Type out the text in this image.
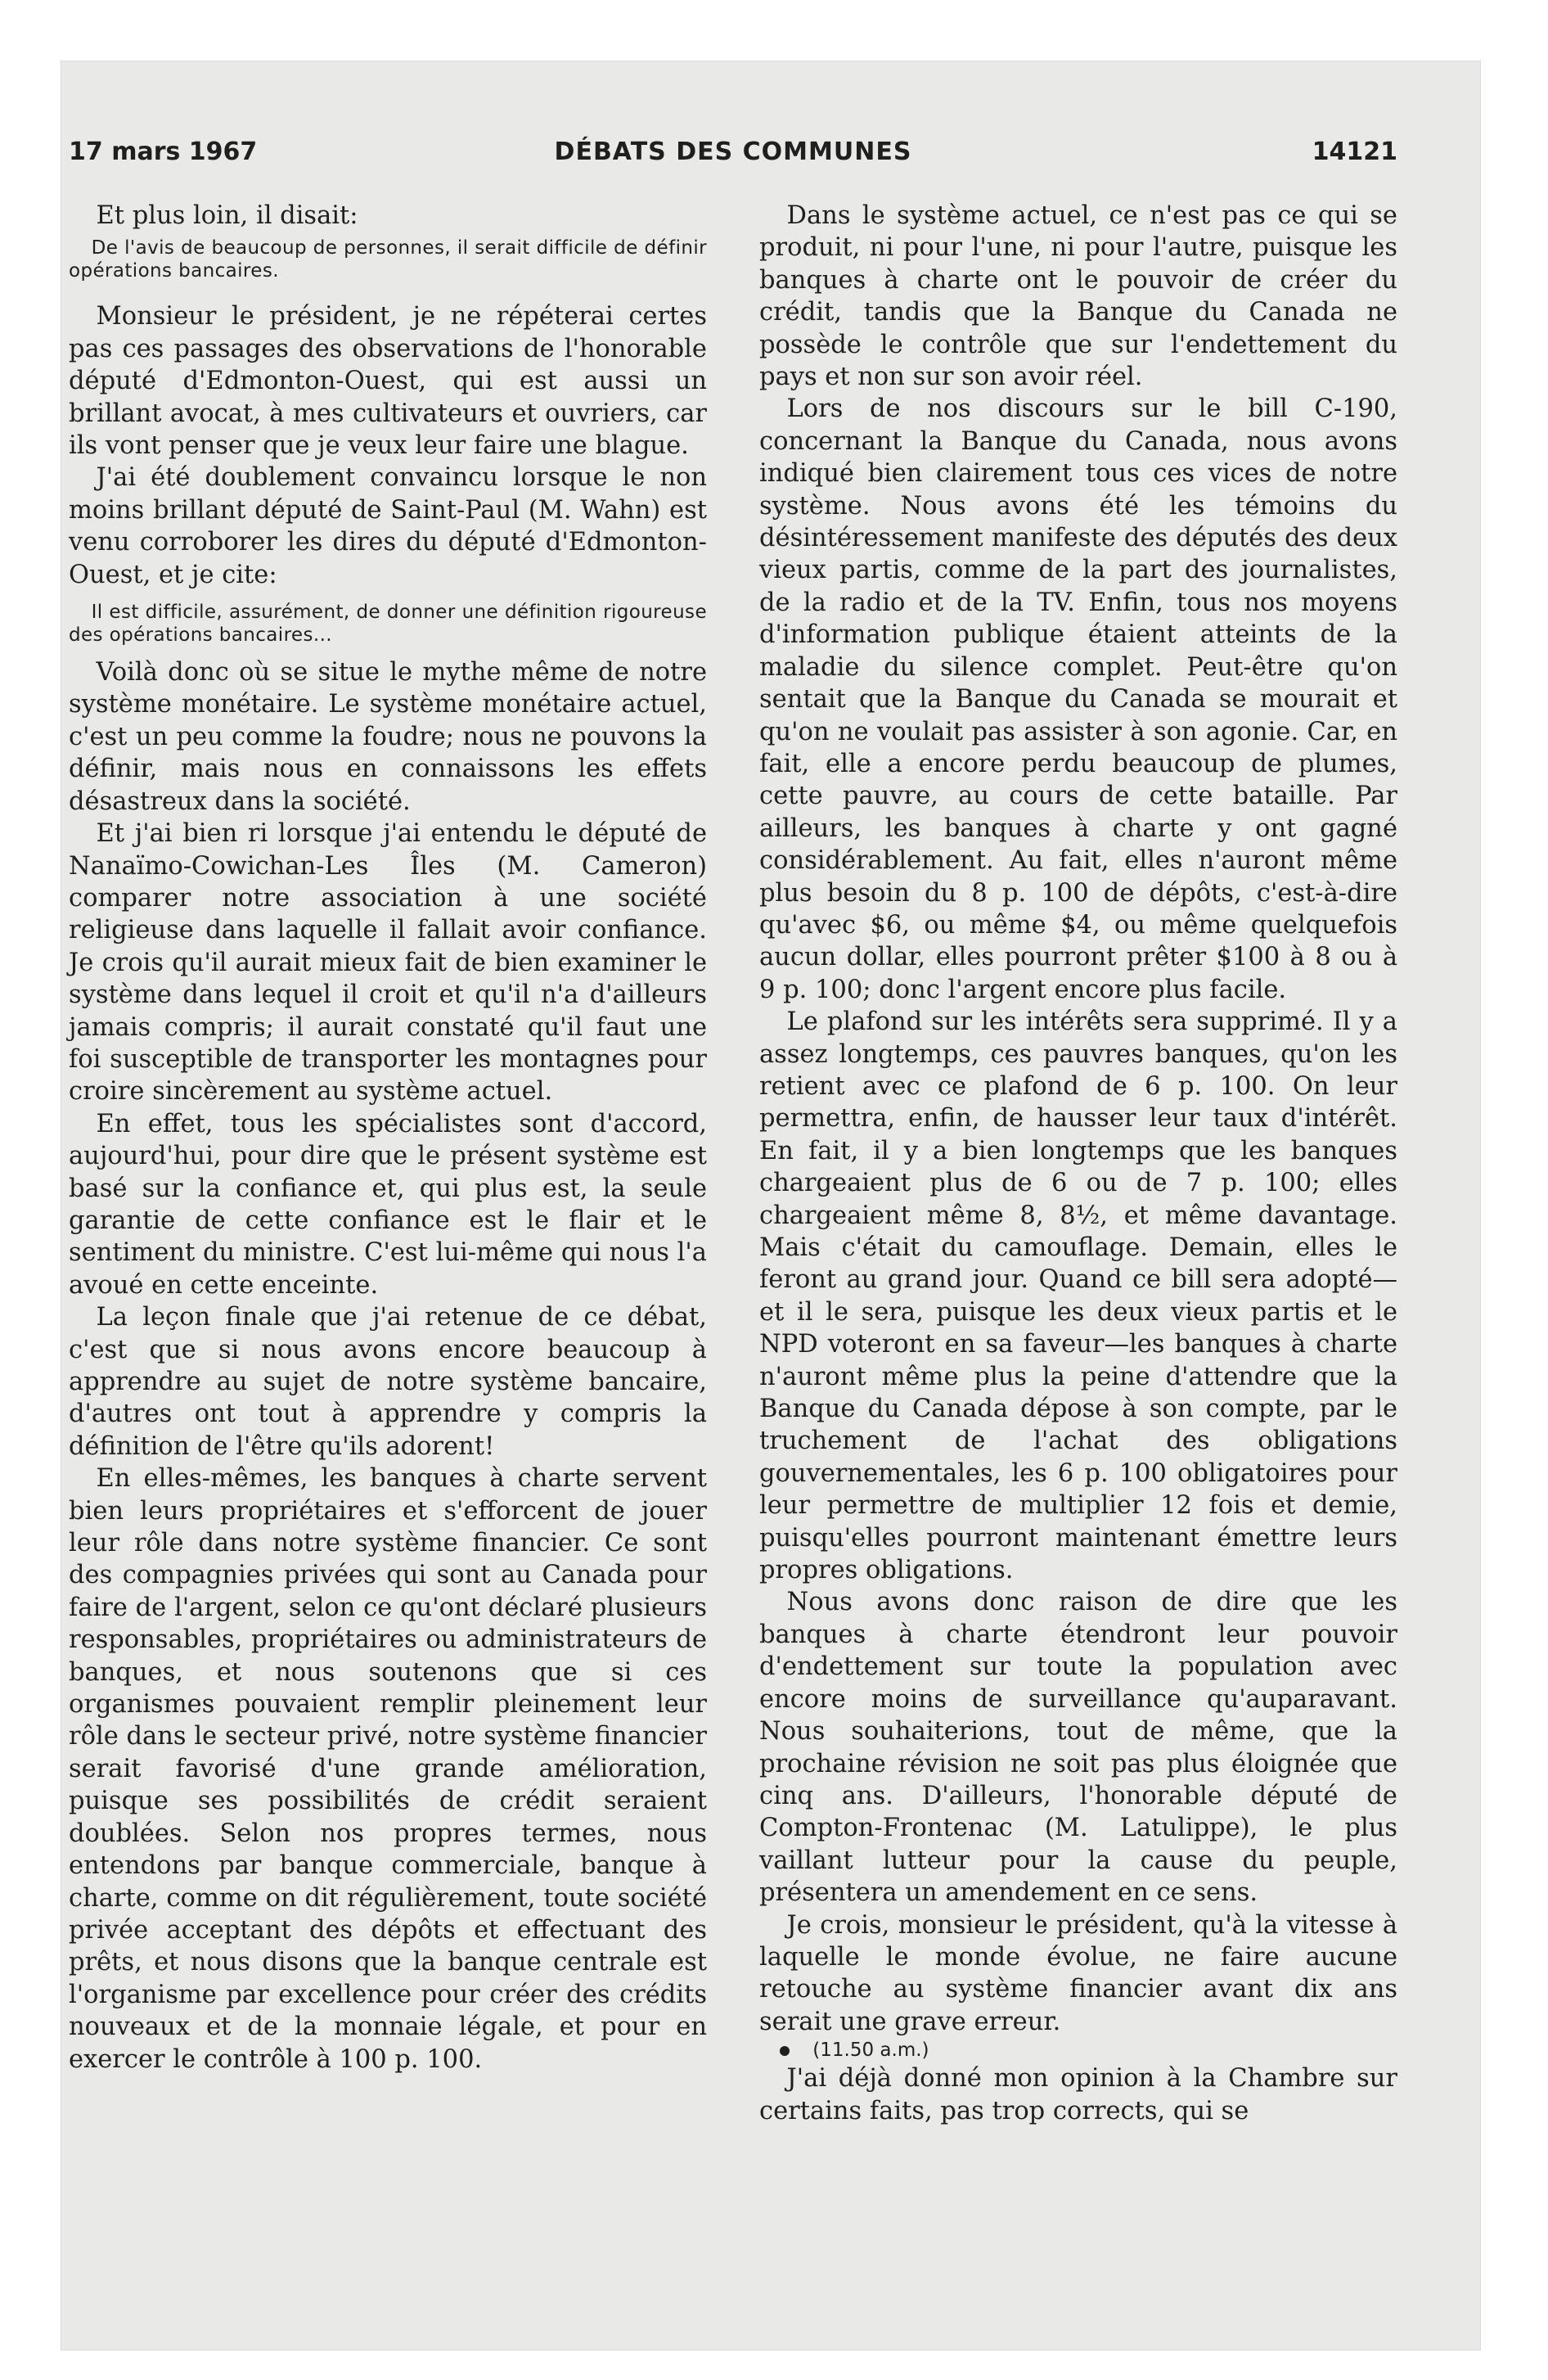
17 mars 1967	DÉBATS DES COMMUNES	14121

Et plus loin, il disait:

De l'avis de beaucoup de personnes, il serait difficile de définir opérations bancaires.

Monsieur le président, je ne répéterai certes pas ces passages des observations de l'honorable député d'Edmonton-Ouest, qui est aussi un brillant avocat, à mes cultivateurs et ouvriers, car ils vont penser que je veux leur faire une blague.

J'ai été doublement convaincu lorsque le non moins brillant député de Saint-Paul (M. Wahn) est venu corroborer les dires du député d'Edmonton-Ouest, et je cite:

Il est difficile, assurément, de donner une définition rigoureuse des opérations bancaires...

Voilà donc où se situe le mythe même de notre système monétaire. Le système monétaire actuel, c'est un peu comme la foudre; nous ne pouvons la définir, mais nous en connaissons les effets désastreux dans la société.

Et j'ai bien ri lorsque j'ai entendu le député de Nanaïmo-Cowichan-Les Îles (M. Cameron) comparer notre association à une société religieuse dans laquelle il fallait avoir confiance. Je crois qu'il aurait mieux fait de bien examiner le système dans lequel il croit et qu'il n'a d'ailleurs jamais compris; il aurait constaté qu'il faut une foi susceptible de transporter les montagnes pour croire sincèrement au système actuel.

En effet, tous les spécialistes sont d'accord, aujourd'hui, pour dire que le présent système est basé sur la confiance et, qui plus est, la seule garantie de cette confiance est le flair et le sentiment du ministre. C'est lui-même qui nous l'a avoué en cette enceinte.

La leçon finale que j'ai retenue de ce débat, c'est que si nous avons encore beaucoup à apprendre au sujet de notre système bancaire, d'autres ont tout à apprendre y compris la définition de l'être qu'ils adorent!

En elles-mêmes, les banques à charte servent bien leurs propriétaires et s'efforcent de jouer leur rôle dans notre système financier. Ce sont des compagnies privées qui sont au Canada pour faire de l'argent, selon ce qu'ont déclaré plusieurs responsables, propriétaires ou administrateurs de banques, et nous soutenons que si ces organismes pouvaient remplir pleinement leur rôle dans le secteur privé, notre système financier serait favorisé d'une grande amélioration, puisque ses possibilités de crédit seraient doublées. Selon nos propres termes, nous entendons par banque commerciale, banque à charte, comme on dit régulièrement, toute société privée acceptant des dépôts et effectuant des prêts, et nous disons que la banque centrale est l'organisme par excellence pour créer des crédits nouveaux et de la monnaie légale, et pour en exercer le contrôle à 100 p. 100.

Dans le système actuel, ce n'est pas ce qui se produit, ni pour l'une, ni pour l'autre, puisque les banques à charte ont le pouvoir de créer du crédit, tandis que la Banque du Canada ne possède le contrôle que sur l'endettement du pays et non sur son avoir réel.

Lors de nos discours sur le bill C-190, concernant la Banque du Canada, nous avons indiqué bien clairement tous ces vices de notre système. Nous avons été les témoins du désintéressement manifeste des députés des deux vieux partis, comme de la part des journalistes, de la radio et de la TV. Enfin, tous nos moyens d'information publique étaient atteints de la maladie du silence complet. Peut-être qu'on sentait que la Banque du Canada se mourait et qu'on ne voulait pas assister à son agonie. Car, en fait, elle a encore perdu beaucoup de plumes, cette pauvre, au cours de cette bataille. Par ailleurs, les banques à charte y ont gagné considérablement. Au fait, elles n'auront même plus besoin du 8 p. 100 de dépôts, c'est-à-dire qu'avec $6, ou même $4, ou même quelquefois aucun dollar, elles pourront prêter $100 à 8 ou à 9 p. 100; donc l'argent encore plus facile.

Le plafond sur les intérêts sera supprimé. Il y a assez longtemps, ces pauvres banques, qu'on les retient avec ce plafond de 6 p. 100. On leur permettra, enfin, de hausser leur taux d'intérêt. En fait, il y a bien longtemps que les banques chargeaient plus de 6 ou de 7 p. 100; elles chargeaient même 8, 8½, et même davantage. Mais c'était du camouflage. Demain, elles le feront au grand jour. Quand ce bill sera adopté—et il le sera, puisque les deux vieux partis et le NPD voteront en sa faveur—les banques à charte n'auront même plus la peine d'attendre que la Banque du Canada dépose à son compte, par le truchement de l'achat des obligations gouvernementales, les 6 p. 100 obligatoires pour leur permettre de multiplier 12 fois et demie, puisqu'elles pourront maintenant émettre leurs propres obligations.

Nous avons donc raison de dire que les banques à charte étendront leur pouvoir d'endettement sur toute la population avec encore moins de surveillance qu'auparavant. Nous souhaiterions, tout de même, que la prochaine révision ne soit pas plus éloignée que cinq ans. D'ailleurs, l'honorable député de Compton-Frontenac (M. Latulippe), le plus vaillant lutteur pour la cause du peuple, présentera un amendement en ce sens.

Je crois, monsieur le président, qu'à la vitesse à laquelle le monde évolue, ne faire aucune retouche au système financier avant dix ans serait une grave erreur.

(11.50 a.m.)

J'ai déjà donné mon opinion à la Chambre sur certains faits, pas trop corrects, qui se
